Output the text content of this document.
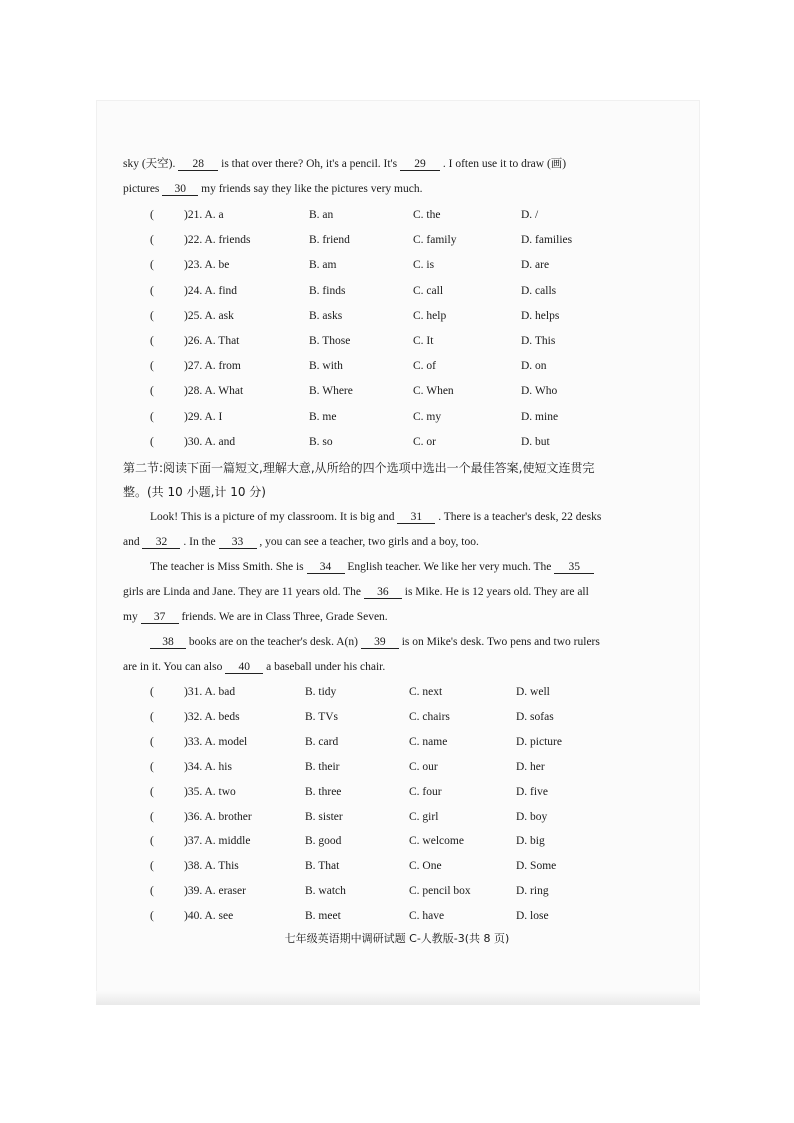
sky (天空). 28 is that over there? Oh, it's a pencil. It's 29 . I often use it to draw (画)
pictures 30 my friends say they like the pictures very much.
(	)21. A. a	B. an	C. the	D. /
(	)22. A. friends	B. friend	C. family	D. families
(	)23. A. be	B. am	C. is	D. are
(	)24. A. find	B. finds	C. call	D. calls
(	)25. A. ask	B. asks	C. help	D. helps
(	)26. A. That	B. Those	C. It	D. This
(	)27. A. from	B. with	C. of	D. on
(	)28. A. What	B. Where	C. When	D. Who
(	)29. A. I	B. me	C. my	D. mine
(	)30. A. and	B. so	C. or	D. but
第二节:阅读下面一篇短文,理解大意,从所给的四个选项中选出一个最佳答案,使短文连贯完
整。(共 10 小题,计 10 分)
Look! This is a picture of my classroom. It is big and 31 . There is a teacher's desk, 22 desks
and 32 . In the 33 , you can see a teacher, two girls and a boy, too.
The teacher is Miss Smith. She is 34 English teacher. We like her very much. The 35
girls are Linda and Jane. They are 11 years old. The 36 is Mike. He is 12 years old. They are all
my 37 friends. We are in Class Three, Grade Seven.
38 books are on the teacher's desk. A(n) 39 is on Mike's desk. Two pens and two rulers
are in it. You can also 40 a baseball under his chair.
(	)31. A. bad	B. tidy	C. next	D. well
(	)32. A. beds	B. TVs	C. chairs	D. sofas
(	)33. A. model	B. card	C. name	D. picture
(	)34. A. his	B. their	C. our	D. her
(	)35. A. two	B. three	C. four	D. five
(	)36. A. brother	B. sister	C. girl	D. boy
(	)37. A. middle	B. good	C. welcome	D. big
(	)38. A. This	B. That	C. One	D. Some
(	)39. A. eraser	B. watch	C. pencil box	D. ring
(	)40. A. see	B. meet	C. have	D. lose
七年级英语期中调研试题 C-人教版-3(共 8 页)
